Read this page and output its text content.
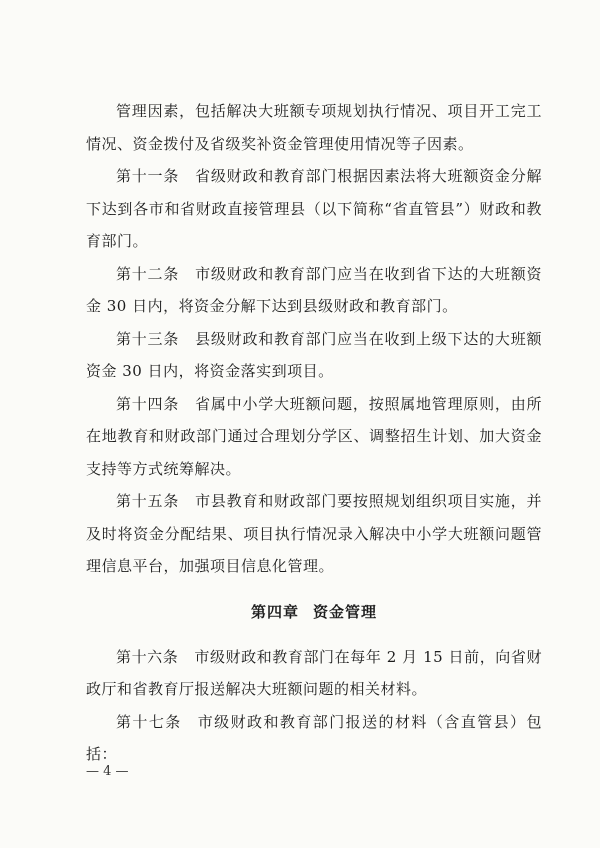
管理因素，包括解决大班额专项规划执行情况、项目开工完工情况、资金拨付及省级奖补资金管理使用情况等子因素。

第十一条 省级财政和教育部门根据因素法将大班额资金分解下达到各市和省财政直接管理县（以下简称“省直管县”）财政和教育部门。

第十二条 市级财政和教育部门应当在收到省下达的大班额资金 30 日内，将资金分解下达到县级财政和教育部门。

第十三条 县级财政和教育部门应当在收到上级下达的大班额资金 30 日内，将资金落实到项目。

第十四条 省属中小学大班额问题，按照属地管理原则，由所在地教育和财政部门通过合理划分学区、调整招生计划、加大资金支持等方式统筹解决。

第十五条 市县教育和财政部门要按照规划组织项目实施，并及时将资金分配结果、项目执行情况录入解决中小学大班额问题管理信息平台，加强项目信息化管理。

第四章 资金管理

第十六条 市级财政和教育部门在每年 2 月 15 日前，向省财政厅和省教育厅报送解决大班额问题的相关材料。

第十七条 市级财政和教育部门报送的材料（含直管县）包括：

— 4 —
